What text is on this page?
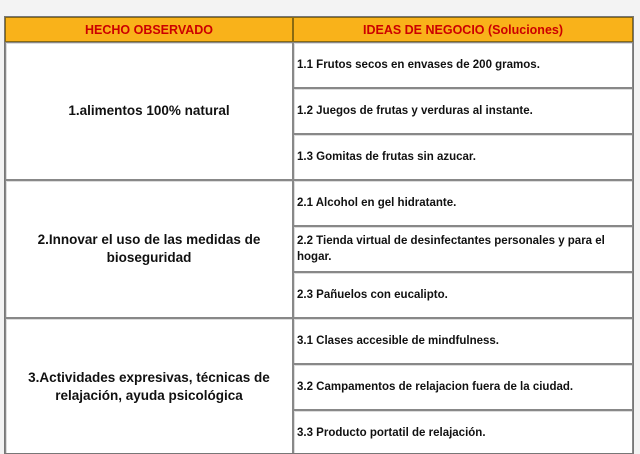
HECHO OBSERVADO	IDEAS DE NEGOCIO (Soluciones)
1.alimentos 100% natural	1.1 Frutos secos en envases de 200 gramos.
	1.2 Juegos de frutas y verduras al instante.
	1.3 Gomitas de frutas sin azucar.
2.Innovar el uso de las medidas de bioseguridad	2.1 Alcohol en gel hidratante.
	2.2 Tienda virtual de desinfectantes personales y para el hogar.
	2.3 Pañuelos con eucalipto.
3.Actividades expresivas, técnicas de relajación, ayuda psicológica	3.1 Clases accesible de mindfulness.
	3.2 Campamentos de relajacion fuera de la ciudad.
	3.3 Producto portatil de relajación.
